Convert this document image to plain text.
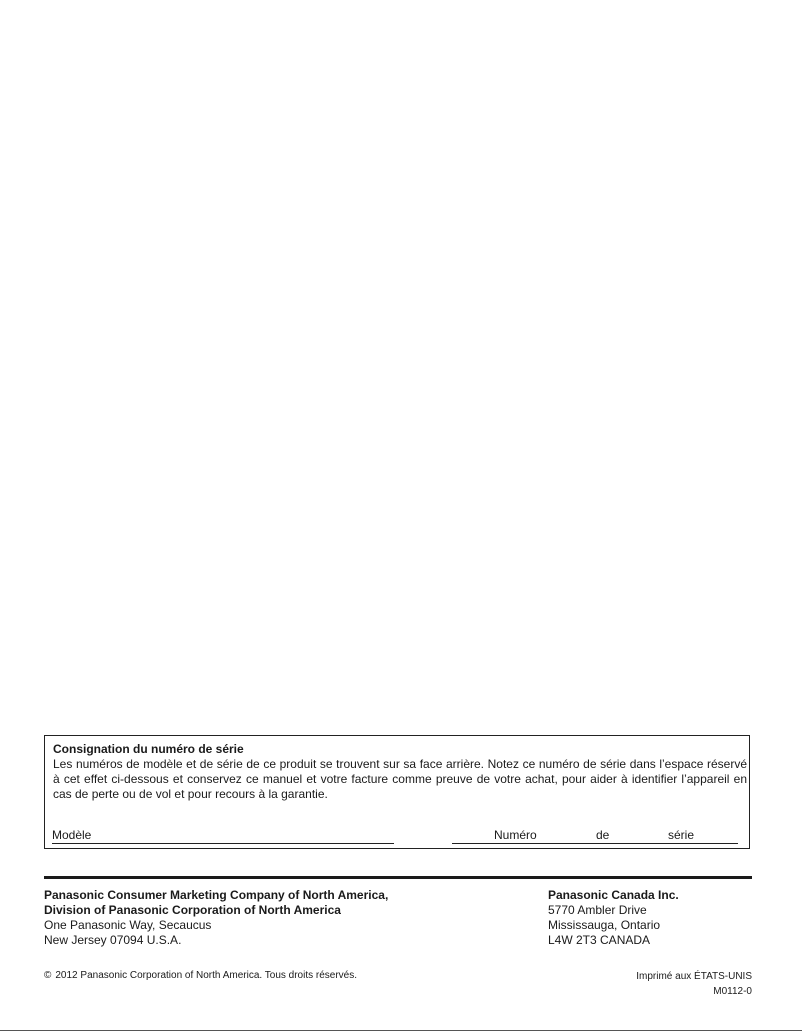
Consignation du numéro de série

Les numéros de modèle et de série de ce produit se trouvent sur sa face arrière. Notez ce numéro de série dans l’espace réservé à cet effet ci-dessous et conservez ce manuel et votre facture comme preuve de votre achat, pour aider à identifier l’appareil en cas de perte ou de vol et pour recours à la garantie.

Modèle	Numéro	de	série
Panasonic Consumer Marketing Company of North America,
Division of Panasonic Corporation of North America
One Panasonic Way, Secaucus
New Jersey 07094 U.S.A.
Panasonic Canada Inc.
5770 Ambler Drive
Mississauga, Ontario
L4W 2T3 CANADA
© 2012 Panasonic Corporation of North America. Tous droits réservés.	Imprimé aux ÉTATS-UNIS
M0112-0
